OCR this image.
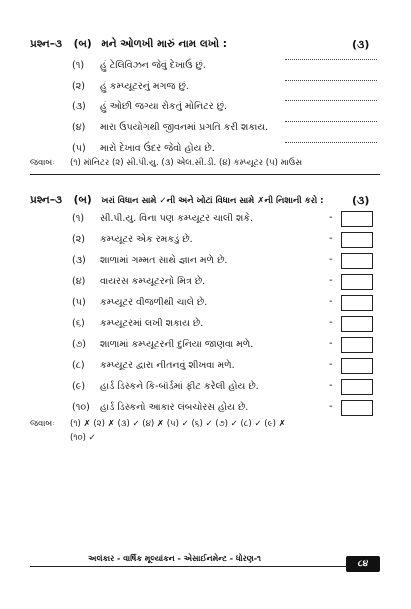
પ્રશ્ન–૩ (બ) મને ઓળખી મારું નામ લખો :	(૩)
(૧) હું ટેલિવિઝન જેવું દેખાઉં છું.
(૨) હું કમ્પ્યૂટરનું મગજ છું.
(૩) હું ઓછી જગ્યા રોકતું મોનિટર છું.
(૪) મારા ઉપયોગથી જીવનમાં પ્રગતિ કરી શકાય.
(૫) મારો દેખાવ ઉંદર જેવો હોય છે.
જવાબઃ (૧) મૉનિટર (૨) સી.પી.યુ. (૩) એલ.સી.ડી. (૪) કમ્પ્યૂટર (૫) માઉસ
પ્રશ્ન–૩ (બ) ખરાં વિધાન સામે ✓ની અને ખોટાં વિધાન સામે ✗ની નિશાની કરો :	(૩)
(૧) સી.પી.યુ. વિના પણ કમ્પ્યૂટર ચાલી શકે.	-
(૨) કમ્પ્યૂટર એક રમકડું છે.	-
(૩) શાળામાં ગમ્મત સાથે જ્ઞાન મળે છે.	-
(૪) વાયરસ કમ્પ્યૂટરનો મિત્ર છે.	-
(૫) કમ્પ્યૂટર વીજળીથી ચાલે છે.	-
(૬) કમ્પ્યૂટરમાં લખી શકાય છે.	-
(૭) શાળામાં કમ્પ્યૂટરની દુનિયા જાણવા મળે.	-
(૮) કમ્પ્યૂટર દ્વારા નીતનવું શીખવા મળે.	-
(૯) હાર્ડ ડિસ્કને કિ-બૉર્ડમાં ફીટ કરેલી હોય છે.	-
(૧૦) હાર્ડ ડિસ્કનો આકાર લંબચોરસ હોય છે.	-
જવાબઃ (૧) ✗ (૨) ✗ (૩) ✓ (૪) ✗ (૫) ✓ (૬) ✓ (૭) ✓ (૮) ✓ (૯) ✗
(૧૦) ✓
અલંકાર - વાર્ષિક મૂલ્યાંકન - એસાઈનમેન્ટ - ધોરણ-૧
૮૪
